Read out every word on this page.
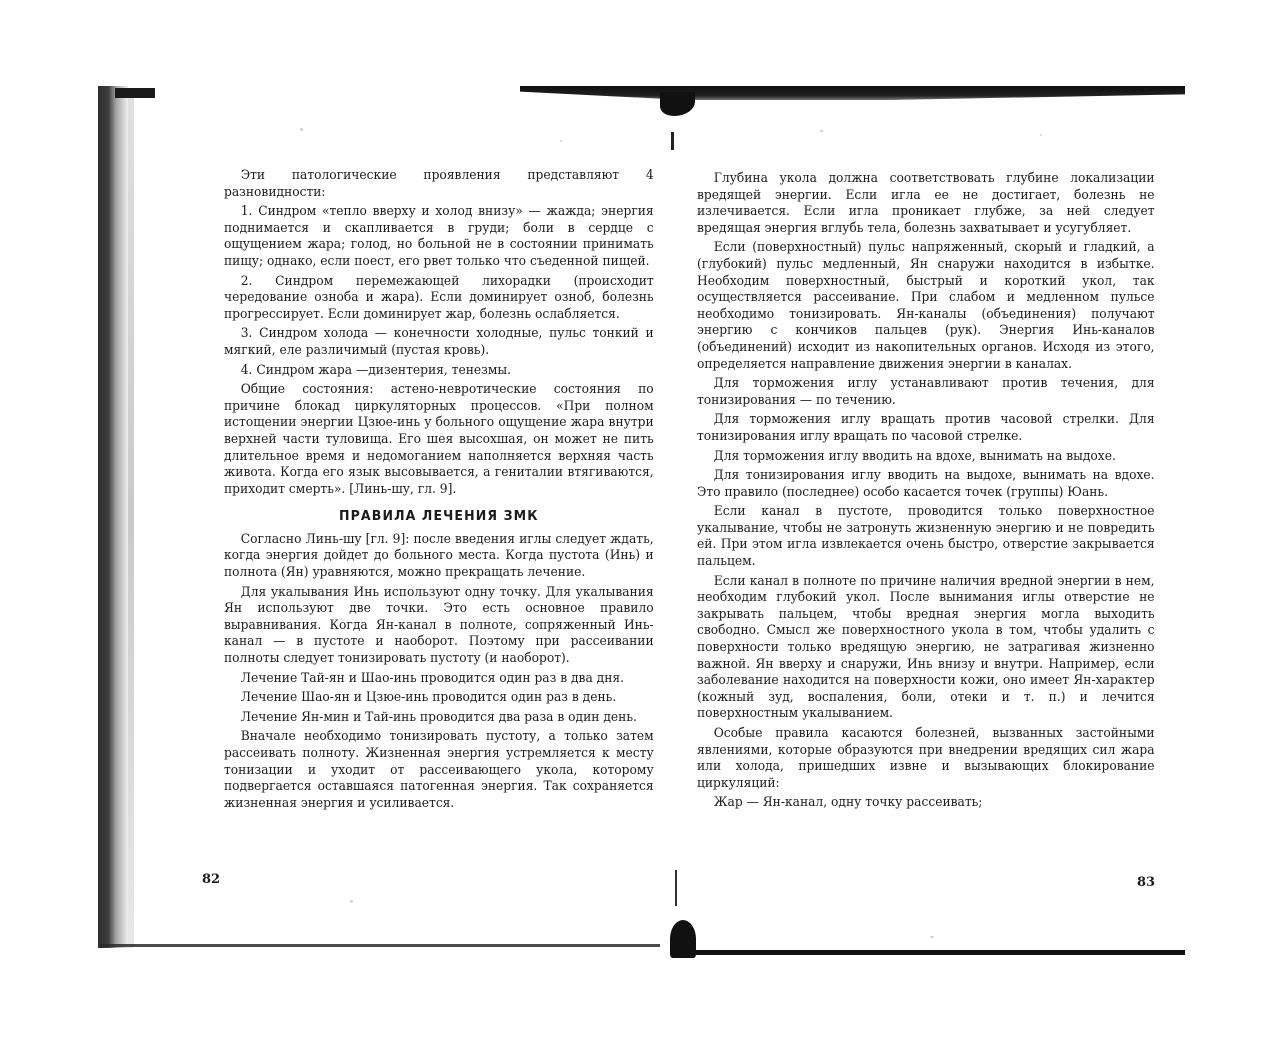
Эти патологические проявления представляют 4 разновидности:

1. Синдром «тепло вверху и холод внизу» — жажда; энергия поднимается и скапливается в груди; боли в сердце с ощущением жара; голод, но больной не в состоянии принимать пищу; однако, если поест, его рвет только что съеденной пищей.

2. Синдром перемежающей лихорадки (происходит чередование озноба и жара). Если доминирует озноб, болезнь прогрессирует. Если доминирует жар, болезнь ослабляется.

3. Синдром холода — конечности холодные, пульс тонкий и мягкий, еле различимый (пустая кровь).

4. Синдром жара —дизентерия, тенезмы.

Общие состояния: астено-невротические состояния по причине блокад циркуляторных процессов. «При полном истощении энергии Цзюе-инь у больного ощущение жара внутри верхней части туловища. Его шея высохшая, он может не пить длительное время и недомоганием наполняется верхняя часть живота. Когда его язык высовывается, а гениталии втягиваются, приходит смерть». [Линь-шу, гл. 9].

ПРАВИЛА ЛЕЧЕНИЯ ЗМК

Согласно Линь-шу [гл. 9]: после введения иглы следует ждать, когда энергия дойдет до больного места. Когда пустота (Инь) и полнота (Ян) уравняются, можно прекращать лечение.

Для укалывания Инь используют одну точку. Для укалывания Ян используют две точки. Это есть основное правило выравнивания. Когда Ян-канал в полноте, сопряженный Инь-канал — в пустоте и наоборот. Поэтому при рассеивании полноты следует тонизировать пустоту (и наоборот).

Лечение Тай-ян и Шао-инь проводится один раз в два дня.

Лечение Шао-ян и Цзюе-инь проводится один раз в день.

Лечение Ян-мин и Тай-инь проводится два раза в один день.

Вначале необходимо тонизировать пустоту, а только затем рассеивать полноту. Жизненная энергия устремляется к месту тонизации и уходит от рассеивающего укола, которому подвергается оставшаяся патогенная энергия. Так сохраняется жизненная энергия и усиливается.

82

Глубина укола должна соответствовать глубине локализации вредящей энергии. Если игла ее не достигает, болезнь не излечивается. Если игла проникает глубже, за ней следует вредящая энергия вглубь тела, болезнь захватывает и усугубляет.

Если (поверхностный) пульс напряженный, скорый и гладкий, а (глубокий) пульс медленный, Ян снаружи находится в избытке. Необходим поверхностный, быстрый и короткий укол, так осуществляется рассеивание. При слабом и медленном пульсе необходимо тонизировать. Ян-каналы (объединения) получают энергию с кончиков пальцев (рук). Энергия Инь-каналов (объединений) исходит из накопительных органов. Исходя из этого, определяется направление движения энергии в каналах.

Для торможения иглу устанавливают против течения, для тонизирования — по течению.

Для торможения иглу вращать против часовой стрелки. Для тонизирования иглу вращать по часовой стрелке.

Для торможения иглу вводить на вдохе, вынимать на выдохе.

Для тонизирования иглу вводить на выдохе, вынимать на вдохе. Это правило (последнее) особо касается точек (группы) Юань.

Если канал в пустоте, проводится только поверхностное укалывание, чтобы не затронуть жизненную энергию и не повредить ей. При этом игла извлекается очень быстро, отверстие закрывается пальцем.

Если канал в полноте по причине наличия вредной энергии в нем, необходим глубокий укол. После вынимания иглы отверстие не закрывать пальцем, чтобы вредная энергия могла выходить свободно. Смысл же поверхностного укола в том, чтобы удалить с поверхности только вредящую энергию, не затрагивая жизненно важной. Ян вверху и снаружи, Инь внизу и внутри. Например, если заболевание находится на поверхности кожи, оно имеет Ян-характер (кожный зуд, воспаления, боли, отеки и т. п.) и лечится поверхностным укалыванием.

Особые правила касаются болезней, вызванных застойными явлениями, которые образуются при внедрении вредящих сил жара или холода, пришедших извне и вызывающих блокирование циркуляций:

Жар — Ян-канал, одну точку рассеивать;

83
